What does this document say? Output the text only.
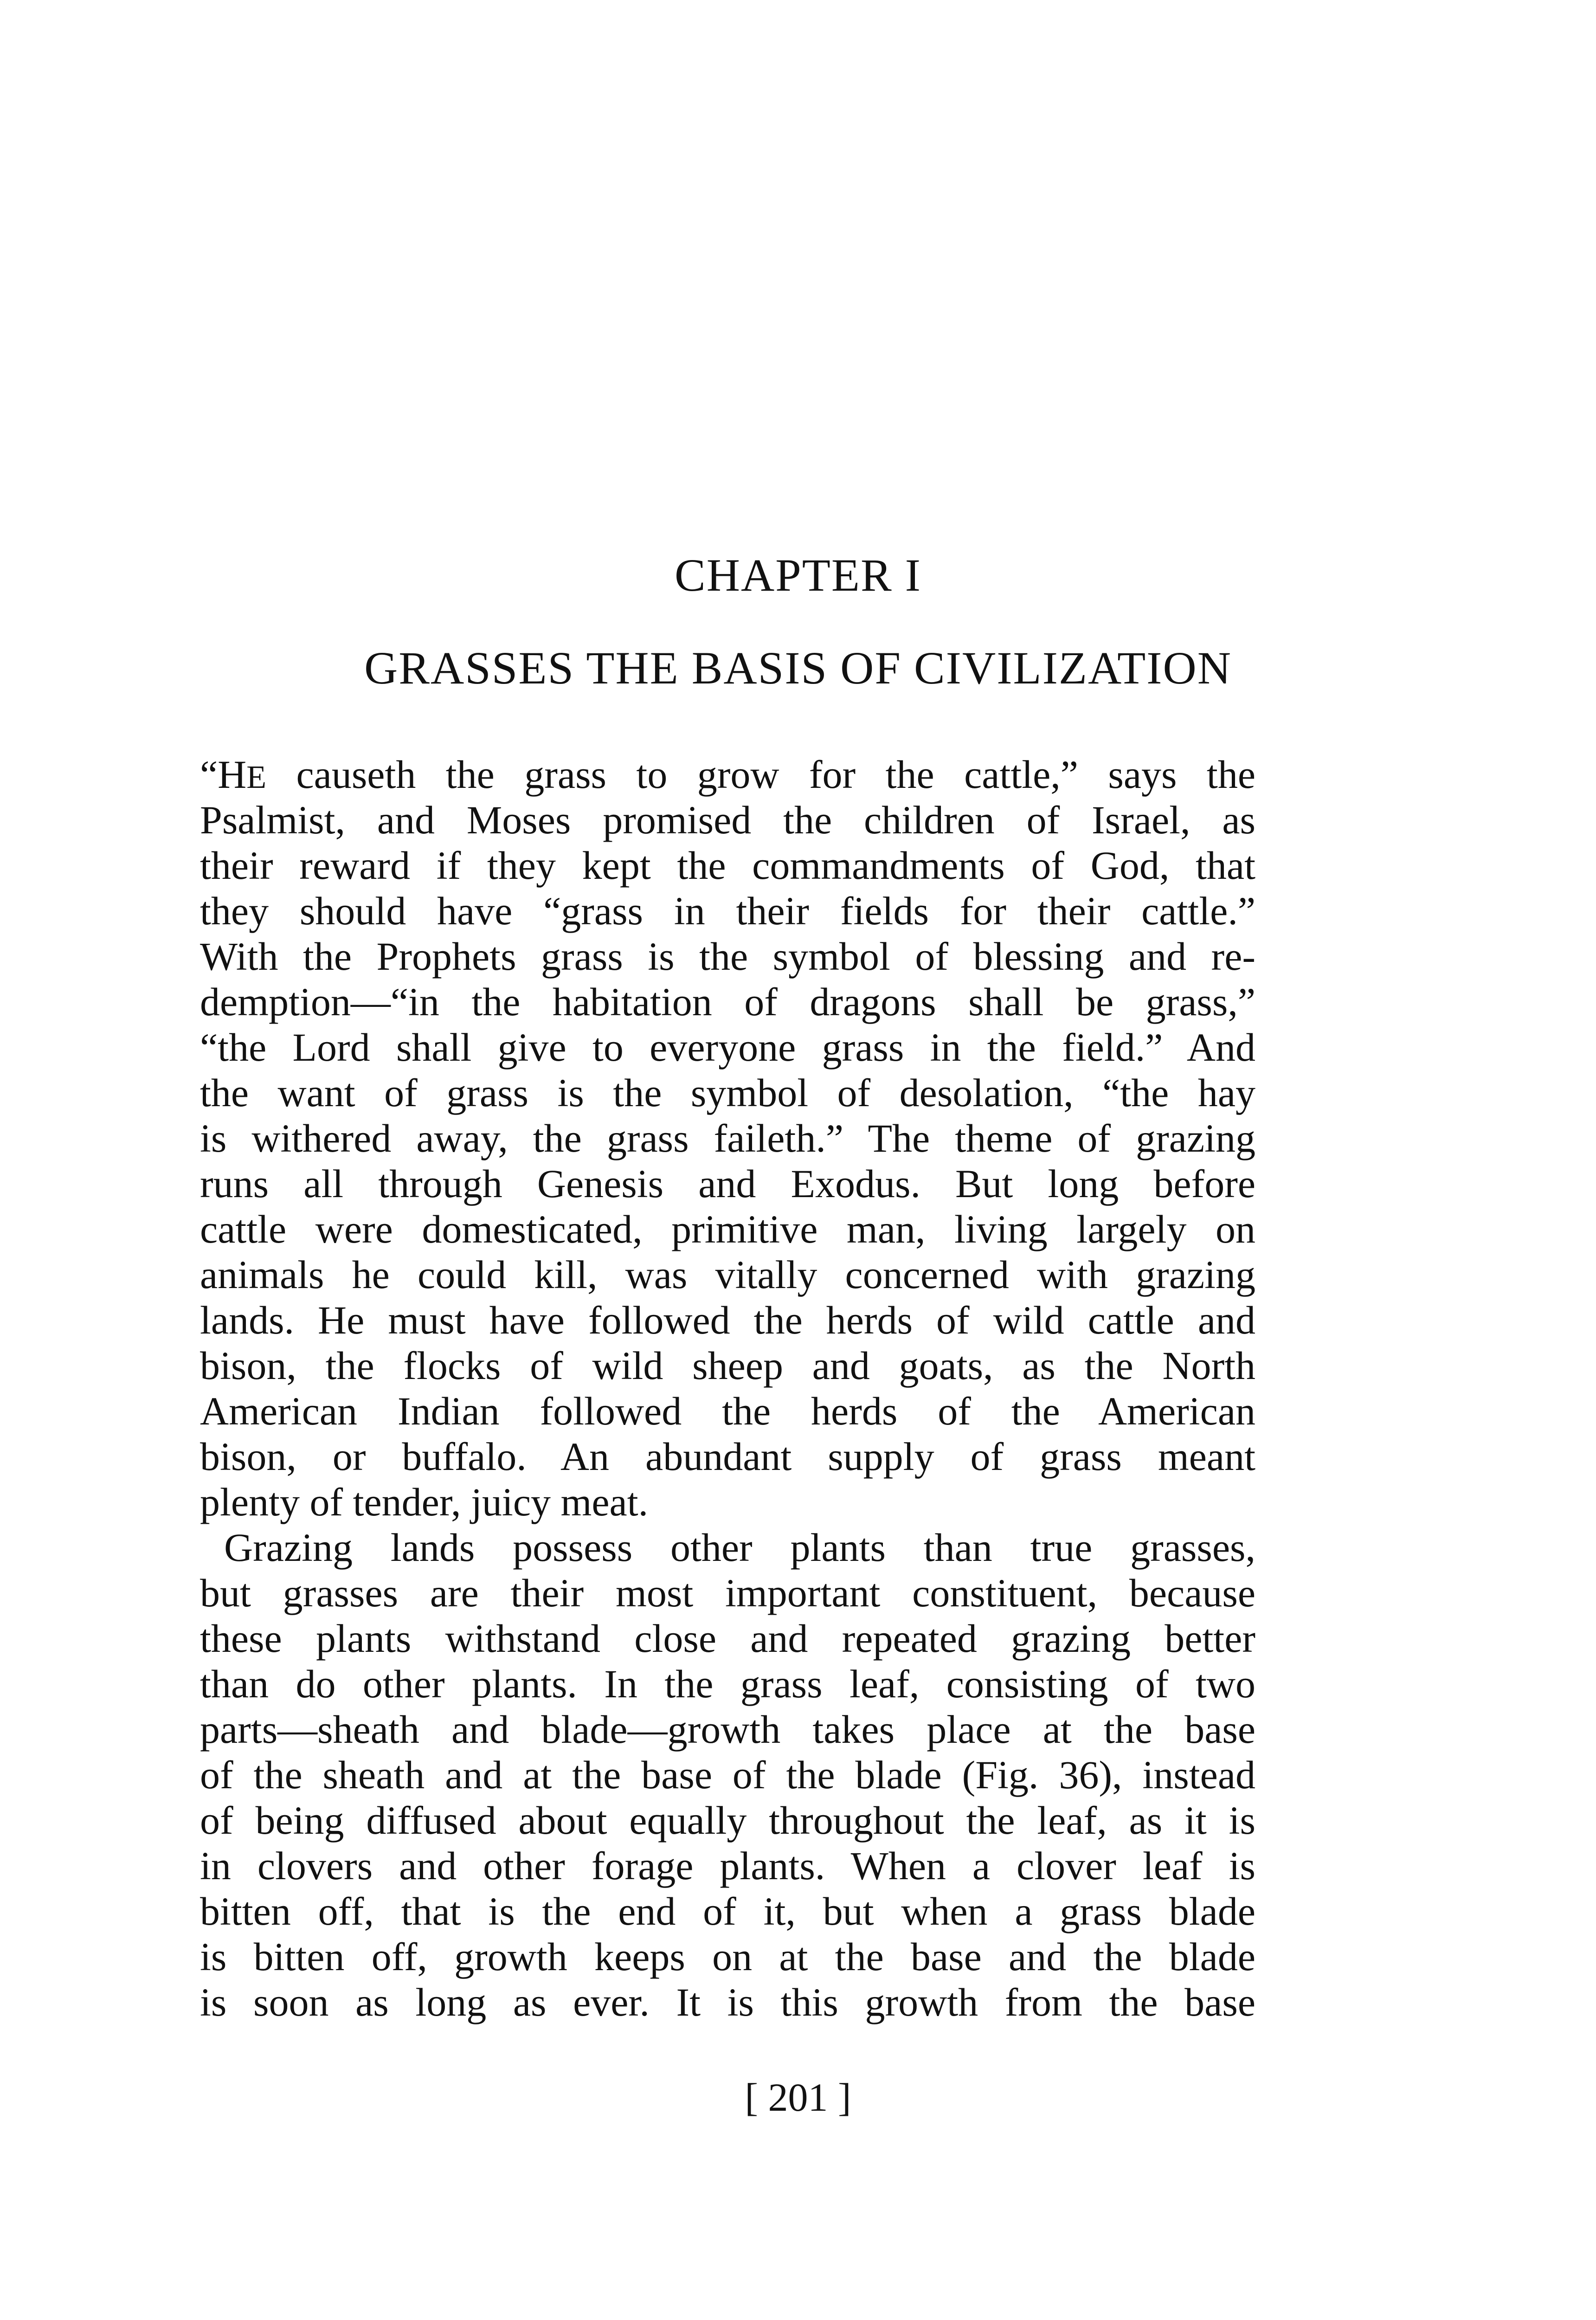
CHAPTER I
GRASSES THE BASIS OF CIVILIZATION
“HE causeth the grass to grow for the cattle,” says the
Psalmist, and Moses promised the children of Israel, as
their reward if they kept the commandments of God, that
they should have “grass in their fields for their cattle.”
With the Prophets grass is the symbol of blessing and re-
demption—“in the habitation of dragons shall be grass,”
“the Lord shall give to everyone grass in the field.” And
the want of grass is the symbol of desolation, “the hay
is withered away, the grass faileth.” The theme of grazing
runs all through Genesis and Exodus. But long before
cattle were domesticated, primitive man, living largely on
animals he could kill, was vitally concerned with grazing
lands. He must have followed the herds of wild cattle and
bison, the flocks of wild sheep and goats, as the North
American Indian followed the herds of the American
bison, or buffalo. An abundant supply of grass meant
plenty of tender, juicy meat.
Grazing lands possess other plants than true grasses,
but grasses are their most important constituent, because
these plants withstand close and repeated grazing better
than do other plants. In the grass leaf, consisting of two
parts—sheath and blade—growth takes place at the base
of the sheath and at the base of the blade (Fig. 36), instead
of being diffused about equally throughout the leaf, as it is
in clovers and other forage plants. When a clover leaf is
bitten off, that is the end of it, but when a grass blade
is bitten off, growth keeps on at the base and the blade
is soon as long as ever. It is this growth from the base
[ 201 ]
